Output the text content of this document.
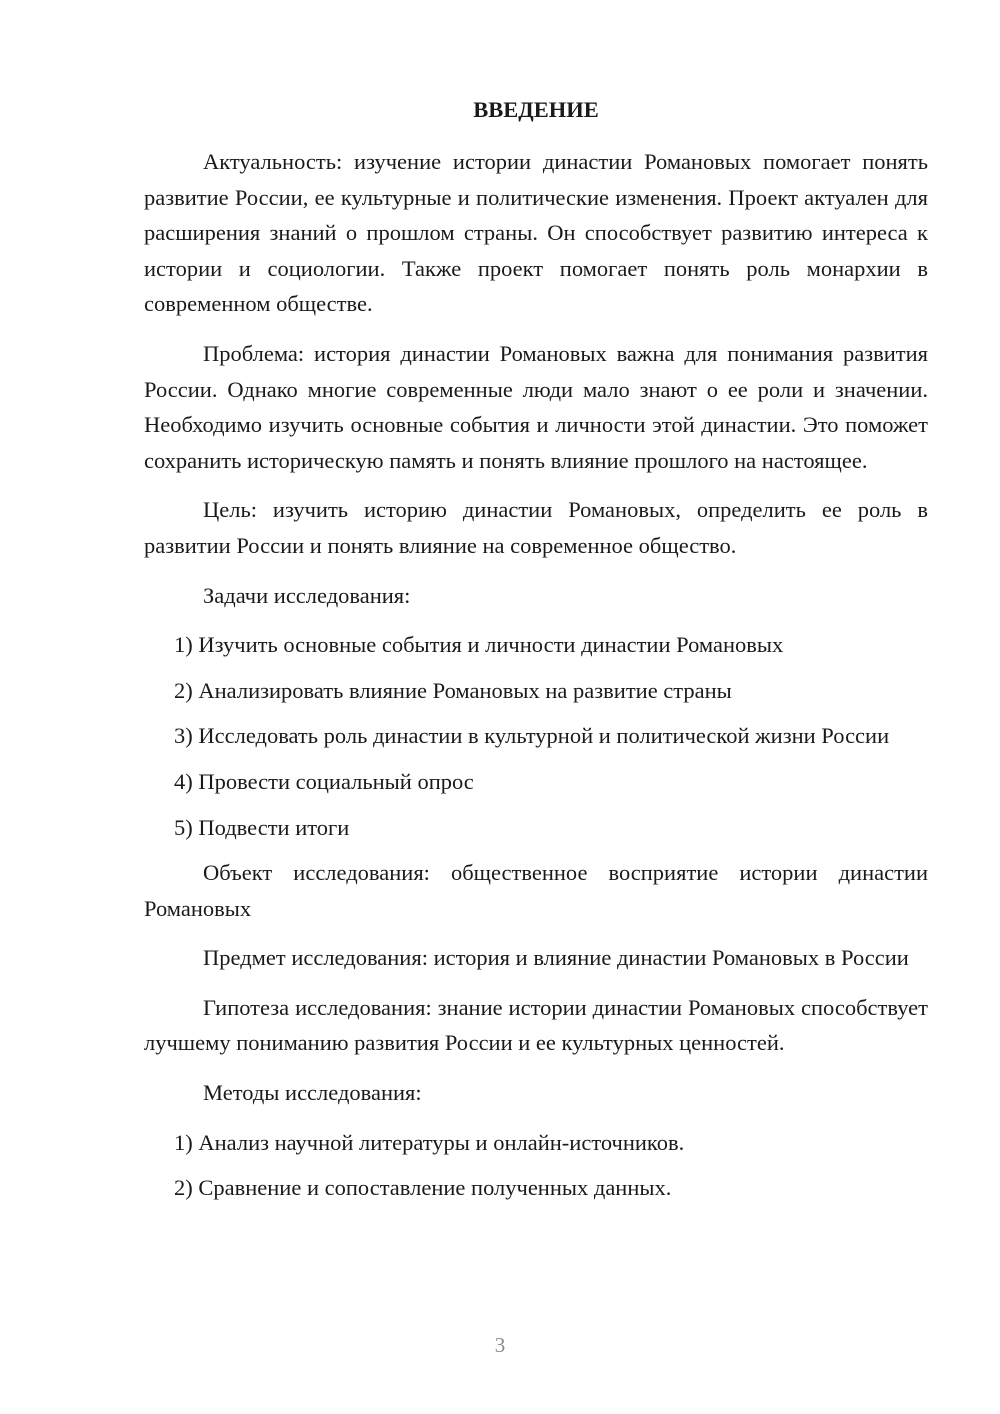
ВВЕДЕНИЕ

Актуальность: изучение истории династии Романовых помогает понять развитие России, ее культурные и политические изменения. Проект актуален для расширения знаний о прошлом страны. Он способствует развитию интереса к истории и социологии. Также проект помогает понять роль монархии в современном обществе.

Проблема: история династии Романовых важна для понимания развития России. Однако многие современные люди мало знают о ее роли и значении. Необходимо изучить основные события и личности этой династии. Это поможет сохранить историческую память и понять влияние прошлого на настоящее.

Цель: изучить историю династии Романовых, определить ее роль в развитии России и понять влияние на современное общество.

Задачи исследования:

1) Изучить основные события и личности династии Романовых

2) Анализировать влияние Романовых на развитие страны

3) Исследовать роль династии в культурной и политической жизни России

4) Провести социальный опрос

5) Подвести итоги

Объект исследования: общественное восприятие истории династии Романовых

Предмет исследования: история и влияние династии Романовых в России

Гипотеза исследования: знание истории династии Романовых способствует лучшему пониманию развития России и ее культурных ценностей.

Методы исследования:

1) Анализ научной литературы и онлайн-источников.

2) Сравнение и сопоставление полученных данных.

3
